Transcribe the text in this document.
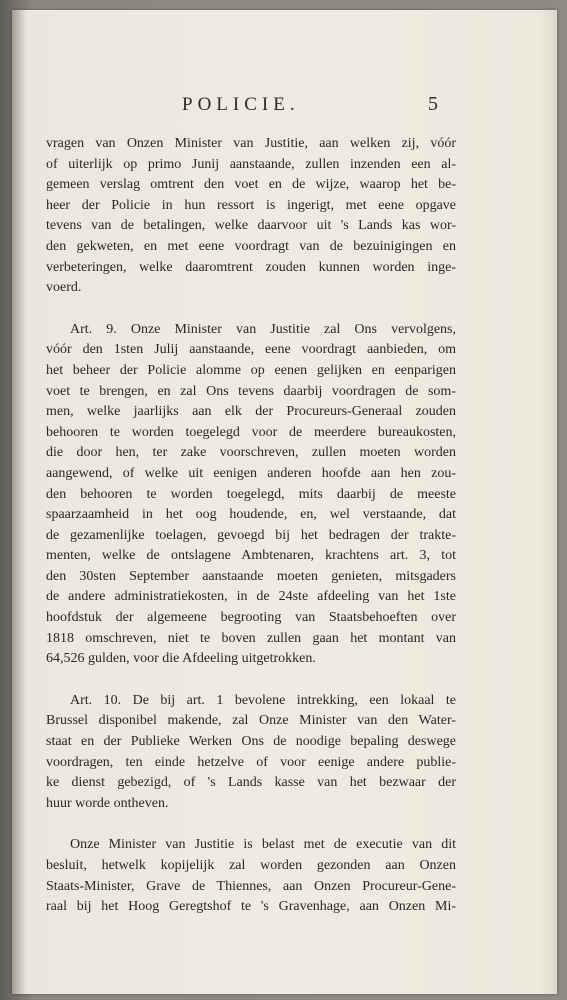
POLICIE.	5
vragen van Onzen Minister van Justitie, aan welken zij, vóór
of uiterlijk op primo Junij aanstaande, zullen inzenden een al-
gemeen verslag omtrent den voet en de wijze, waarop het be-
heer der Policie in hun ressort is ingerigt, met eene opgave
tevens van de betalingen, welke daarvoor uit 's Lands kas wor-
den gekweten, en met eene voordragt van de bezuinigingen en
verbeteringen, welke daaromtrent zouden kunnen worden inge-
voerd.
Art. 9. Onze Minister van Justitie zal Ons vervolgens,
vóór den 1sten Julij aanstaande, eene voordragt aanbieden, om
het beheer der Policie alomme op eenen gelijken en eenparigen
voet te brengen, en zal Ons tevens daarbij voordragen de som-
men, welke jaarlijks aan elk der Procureurs-Generaal zouden
behooren te worden toegelegd voor de meerdere bureaukosten,
die door hen, ter zake voorschreven, zullen moeten worden
aangewend, of welke uit eenigen anderen hoofde aan hen zou-
den behooren te worden toegelegd, mits daarbij de meeste
spaarzaamheid in het oog houdende, en, wel verstaande, dat
de gezamenlijke toelagen, gevoegd bij het bedragen der trakte-
menten, welke de ontslagene Ambtenaren, krachtens art. 3, tot
den 30sten September aanstaande moeten genieten, mitsgaders
de andere administratiekosten, in de 24ste afdeeling van het 1ste
hoofdstuk der algemeene begrooting van Staatsbehoeften over
1818 omschreven, niet te boven zullen gaan het montant van
64,526 gulden, voor die Afdeeling uitgetrokken.
Art. 10. De bij art. 1 bevolene intrekking, een lokaal te
Brussel disponibel makende, zal Onze Minister van den Water-
staat en der Publieke Werken Ons de noodige bepaling deswege
voordragen, ten einde hetzelve of voor eenige andere publie-
ke dienst gebezigd, of 's Lands kasse van het bezwaar der
huur worde ontheven.
Onze Minister van Justitie is belast met de executie van dit
besluit, hetwelk kopijelijk zal worden gezonden aan Onzen
Staats-Minister, Grave de Thiennes, aan Onzen Procureur-Gene-
raal bij het Hoog Geregtshof te 's Gravenhage, aan Onzen Mi-
